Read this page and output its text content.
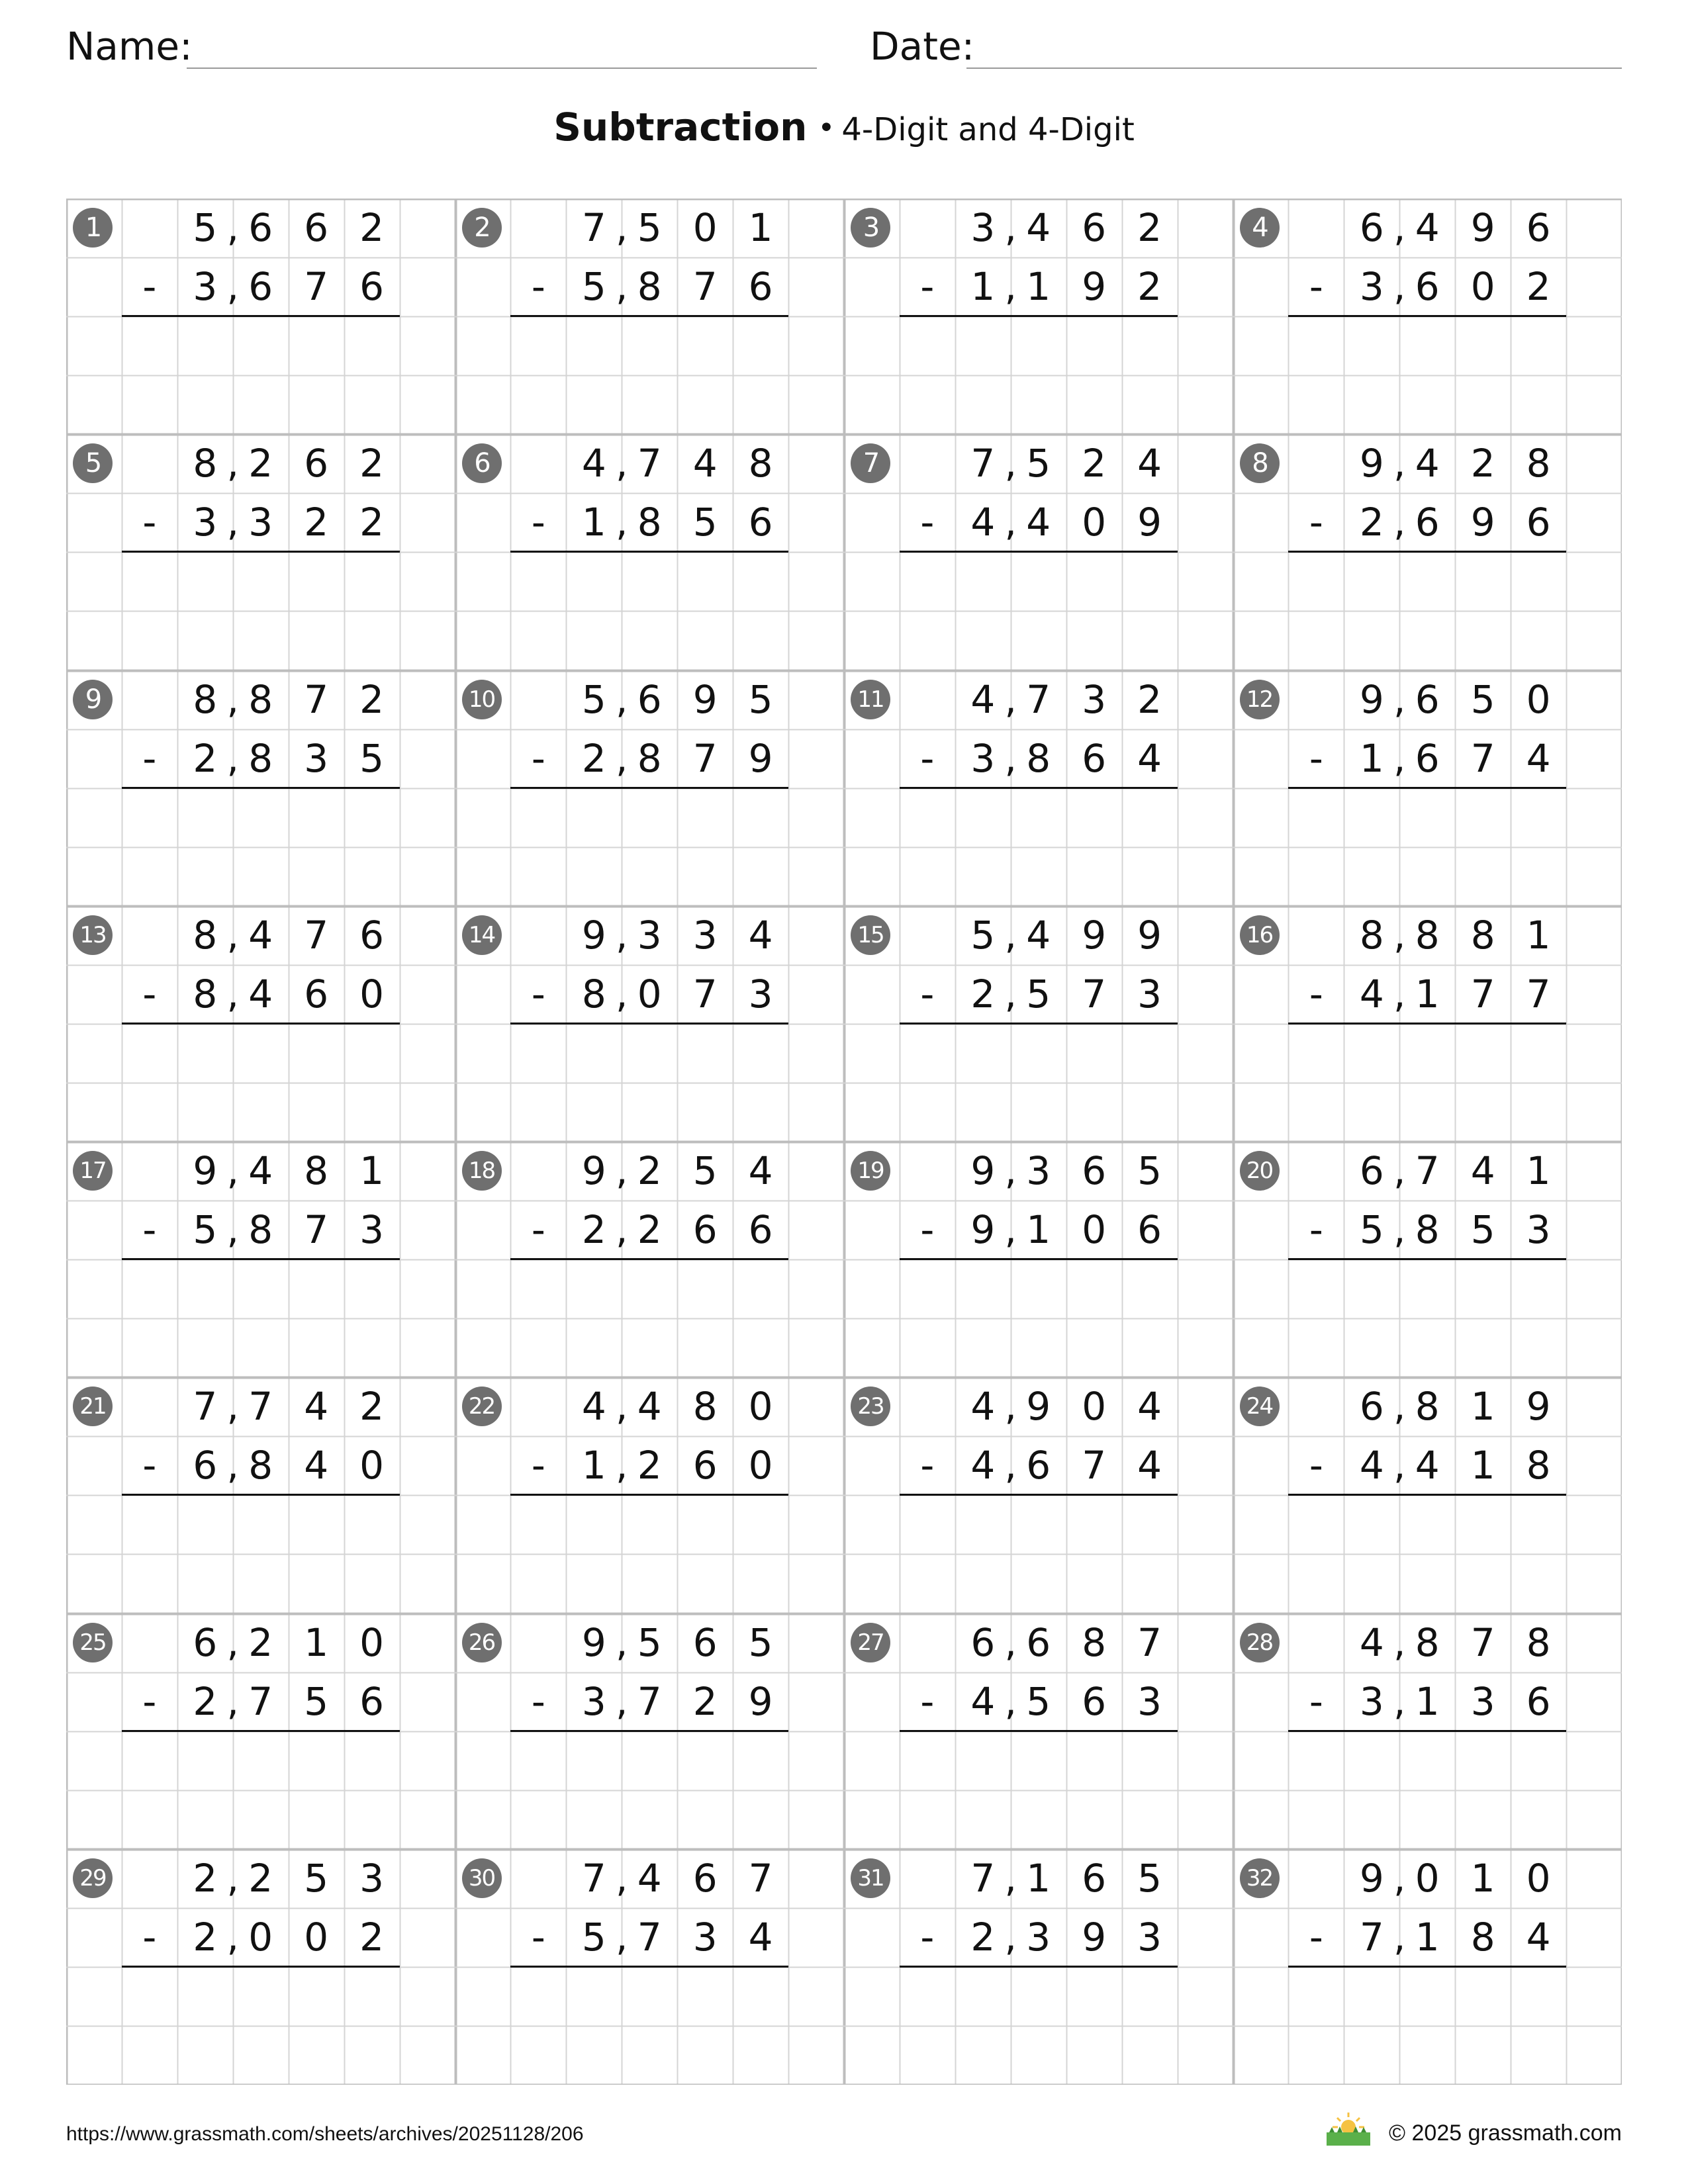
Name:	Date:
Subtraction • 4-Digit and 4-Digit
1	5 6 6 2
,
- 3 6 7 6
,
2	7 5 0 1
,
- 5 8 7 6
,
3	3 4 6 2
,
- 1 1 9 2
,
4	6 4 9 6
,
- 3 6 0 2
,
5	8 2 6 2
,
- 3 3 2 2
,
6	4 7 4 8
,
- 1 8 5 6
,
7	7 5 2 4
,
- 4 4 0 9
,
8	9 4 2 8
,
- 2 6 9 6
,
9	8 8 7 2
,
- 2 8 3 5
,
10	5 6 9 5
,
- 2 8 7 9
,
11	4 7 3 2
,
- 3 8 6 4
,
12	9 6 5 0
,
- 1 6 7 4
,
13	8 4 7 6
,
- 8 4 6 0
,
14	9 3 3 4
,
- 8 0 7 3
,
15	5 4 9 9
,
- 2 5 7 3
,
16	8 8 8 1
,
- 4 1 7 7
,
17	9 4 8 1
,
- 5 8 7 3
,
18	9 2 5 4
,
- 2 2 6 6
,
19	9 3 6 5
,
- 9 1 0 6
,
20	6 7 4 1
,
- 5 8 5 3
,
21	7 7 4 2
,
- 6 8 4 0
,
22	4 4 8 0
,
- 1 2 6 0
,
23	4 9 0 4
,
- 4 6 7 4
,
24	6 8 1 9
,
- 4 4 1 8
,
25	6 2 1 0
,
- 2 7 5 6
,
26	9 5 6 5
,
- 3 7 2 9
,
27	6 6 8 7
,
- 4 5 6 3
,
28	4 8 7 8
,
- 3 1 3 6
,
29	2 2 5 3
,
- 2 0 0 2
,
30	7 4 6 7
,
- 5 7 3 4
,
31	7 1 6 5
,
- 2 3 9 3
,
32	9 0 1 0
,
- 7 1 8 4
,
https://www.grassmath.com/sheets/archives/20251128/206	© 2025 grassmath.com
